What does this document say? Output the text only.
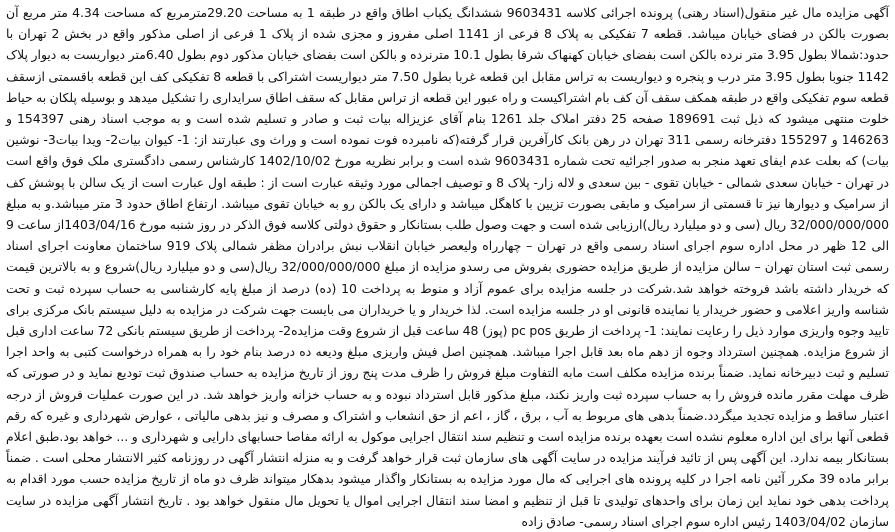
آگهی مزایده مال غیر منقول(اسناد رهنی) پرونده اجرائی کلاسه 9603431 ششدانگ یکباب اطاق واقع در طبقه 1 به مساحت 29.20مترمربع که مساحت 4.34 متر مربع آن بصورت بالکن در فضای خیابان میباشد. قطعه 7 تفکیکی به پلاک 8 فرعی از 1141 اصلی مفروز و مجزی شده از پلاک 1 فرعی از اصلی مذکور واقع در بخش 2 تهران با حدود:شمالا بطول 3.95 متر نرده بالکن است بفضای خیابان کهنهاک شرقا بطول 10.1 مترنرده و بالکن است بفضای خیابان مذکور دوم بطول 6.40متر دیواریست به دیوار پلاک 1142 جنوبا بطول 3.95 متر درب و پنجره و دیواریست به تراس مقابل این قطعه غربا بطول 7.50 متر دیواریست اشتراکی با قطعه 8 تفکیکی کف این قطعه باقسمتی ازسقف قطعه سوم تفکیکی واقع در طبقه همکف سقف آن کف بام اشتراکیست و راه عبور این قطعه از تراس مقابل که سقف اطاق سرایداری را تشکیل میدهد و بوسیله پلکان به حیاط خلوت منتهی میشود که ذیل ثبت 189691 صفحه 25 دفتر املاک جلد 1261 بنام آقای عزیزاله بیات ثبت و صادر و تسلیم شده است و به موجب اسناد رهنی 154397 و 146263 و 155297 دفترخانه رسمی 311 تهران در رهن بانک کارآفرین قرار گرفته(که نامبرده فوت نموده است و وراث وی عبارتند از: 1- کیوان بیات2- ویدا بیات3- نوشین بیات) که بعلت عدم ایفای تعهد منجر به صدور اجرائیه تحت شماره 9603431 شده است و برابر نظریه مورخ 1402/10/02 کارشناس رسمی دادگستری ملک فوق واقع است در تهران - خیابان سعدی شمالی - خیابان تقوی - بین سعدی و لاله زار- پلاک 8 و توصیف اجمالی مورد وثیقه عبارت است از : طبقه اول عبارت است از یک سالن با پوشش کف از سرامیک و دیوارها نیز تا قسمتی از سرامیک و مابقی بصورت تزیین با کاهگل میباشد و دارای یک بالکن رو به خیابان تقوی میباشد. ارتفاع اطاق حدود 3 متر میباشد.و به مبلغ 32/000/000/000 ریال (سی و دو میلیارد ریال)ارزیابی شده است و جهت وصول طلب بستانکار و حقوق دولتی کلاسه فوق الذکر در روز شنبه مورخ 1403/04/16از ساعت 9 الی 12 ظهر در محل اداره سوم اجرای اسناد رسمی واقع در تهران – چهارراه ولیعصر خیابان انقلاب نبش برادران مظفر شمالی پلاک 919 ساختمان معاونت اجرای اسناد رسمی ثبت استان تهران – سالن مزایده از طریق مزایده حضوری بفروش می رسدو مزایده از مبلغ 32/000/000/000 ریال(سی و دو میلیارد ریال)شروع و به بالاترین قیمت که خریدار داشته باشد فروخته خواهد شد.شرکت در جلسه مزایده برای عموم آزاد و منوط به پرداخت 10 (ده) درصد از مبلغ پایه کارشناسی به حساب سپرده ثبت و تحت شناسه واریز اعلامی و حضور خریدار یا نماینده قانونی او در جلسه مزایده است. لذا خریدار و یا خریداران می بایست جهت شرکت در مزایده به دلیل سیستم بانک مرکزی برای تایید وجوه واریزی موارد ذیل را رعایت نمایند: 1- پرداخت از طریق pc pos (پوز) 48 ساعت قبل از شروع وقت مزایده2- پرداخت از طریق سیستم بانکی 72 ساعت اداری قبل از شروع مزایده. همچنین استرداد وجوه از دهم ماه بعد قابل اجرا میباشد. همچنین اصل فیش واریزی مبلغ ودیعه ده درصد بنام خود را به همراه درخواست کتبی به واحد اجرا تسلیم و ثبت دبیرخانه نماید. ضمناً برنده مزایده مکلف است مابه التفاوت مبلغ فروش را ظرف مدت پنج روز از تاریخ مزایده به حساب صندوق ثبت تودیع نماید و در صورتی که ظرف مهلت مقرر مانده فروش را به حساب سپرده ثبت واریز نکند، مبلغ مذکور قابل استرداد نبوده و به حساب خزانه واریز خواهد شد. در این صورت عملیات فروش از درجه اعتبار ساقط و مزایده تجدید میگردد.ضمناً بدهی های مربوط به آب ، برق ، گاز ، اعم از حق انشعاب و اشتراک و مصرف و نیز بدهی مالیاتی ، عوارض شهرداری و غیره که رقم قطعی آنها برای این اداره معلوم نشده است بعهده برنده مزایده است و تنظیم سند انتقال اجرایی موکول به ارائه مفاصا حسابهای دارایی و شهرداری و ... خواهد بود.طبق اعلام بستانکار بیمه ندارد. این آگهی پس از تائید فرآیند مزایده در سایت آگهی های سازمان ثبت قرار خواهد گرفت و به منزله انتشار آگهی در روزنامه کثیر الانتشار محلی است . ضمناً برابر ماده 39 مکرر آئین نامه اجرا در کلیه پرونده های اجرایی که مال مورد مزایده به بستانکار واگذار میشود بدهکار میتواند ظرف دو ماه از تاریخ مزایده حسب مورد اقدام به پرداخت بدهی خود نماید این زمان برای واحدهای تولیدی تا قبل از تنظیم و امضا سند انتقال اجرایی اموال یا تحویل مال منقول خواهد بود . تاریخ انتشار آگهی مزایده در سایت سازمان 1403/04/02 رئیس اداره سوم اجرای اسناد رسمی- صادق زاده
